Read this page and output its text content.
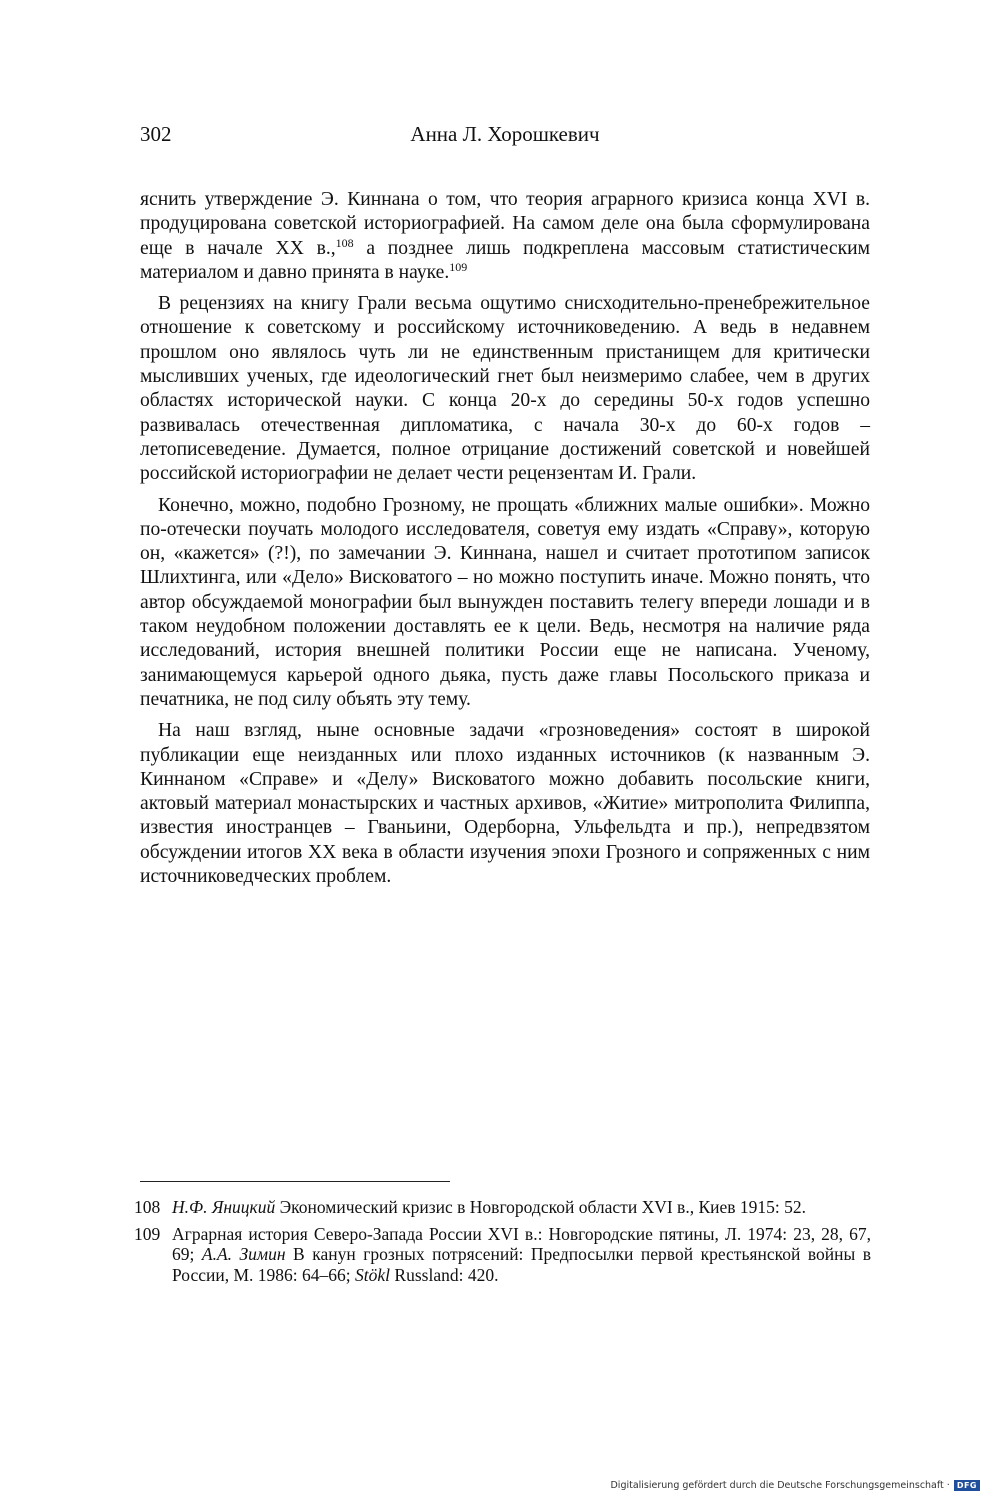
302	Анна Л. Хорошкевич

яснить утверждение Э. Киннана о том, что теория аграрного кризиса конца XVI в. продуцирована советской историографией. На самом деле она была сформулирована еще в начале XX в.,$^{108}$ а позднее лишь подкреплена массовым статистическим материалом и давно принята в науке.$^{109}$

В рецензиях на книгу Грали весьма ощутимо снисходительно-пренебрежительное отношение к советскому и российскому источниковедению. А ведь в недавнем прошлом оно являлось чуть ли не единственным пристанищем для критически мысливших ученых, где идеологический гнет был неизмеримо слабее, чем в других областях исторической науки. С конца 20-х до середины 50-х годов успешно развивалась отечественная дипломатика, с начала 30-х до 60-х годов – летописеведение. Думается, полное отрицание достижений советской и новейшей российской историографии не делает чести рецензентам И. Грали.

Конечно, можно, подобно Грозному, не прощать «ближних малые ошибки». Можно по-отечески поучать молодого исследователя, советуя ему издать «Справу», которую он, «кажется» (?!), по замечании Э. Киннана, нашел и считает прототипом записок Шлихтинга, или «Дело» Висковатого – но можно поступить иначе. Можно понять, что автор обсуждаемой монографии был вынужден поставить телегу впереди лошади и в таком неудобном положении доставлять ее к цели. Ведь, несмотря на наличие ряда исследований, история внешней политики России еще не написана. Ученому, занимающемуся карьерой одного дьяка, пусть даже главы Посольского приказа и печатника, не под силу объять эту тему.

На наш взгляд, ныне основные задачи «грозноведения» состоят в широкой публикации еще неизданных или плохо изданных источников (к названным Э. Киннаном «Справе» и «Делу» Висковатого можно добавить посольские книги, актовый материал монастырских и частных архивов, «Житие» митрополита Филиппа, известия иностранцев – Гваньини, Одерборна, Ульфельдта и пр.), непредвзятом обсуждении итогов XX века в области изучения эпохи Грозного и сопряженных с ним источниковедческих проблем.

108 Н.Ф. Яницкий Экономический кризис в Новгородской области XVI в., Киев 1915: 52.
109 Аграрная история Северо-Запада России XVI в.: Новгородские пятины, Л. 1974: 23, 28, 67, 69; А.А. Зимин В канун грозных потрясений: Предпосылки первой крестьянской войны в России, М. 1986: 64–66; Stökl Russland: 420.
Digitalisierung gefördert durch die Deutsche Forschungsgemeinschaft · DFG
